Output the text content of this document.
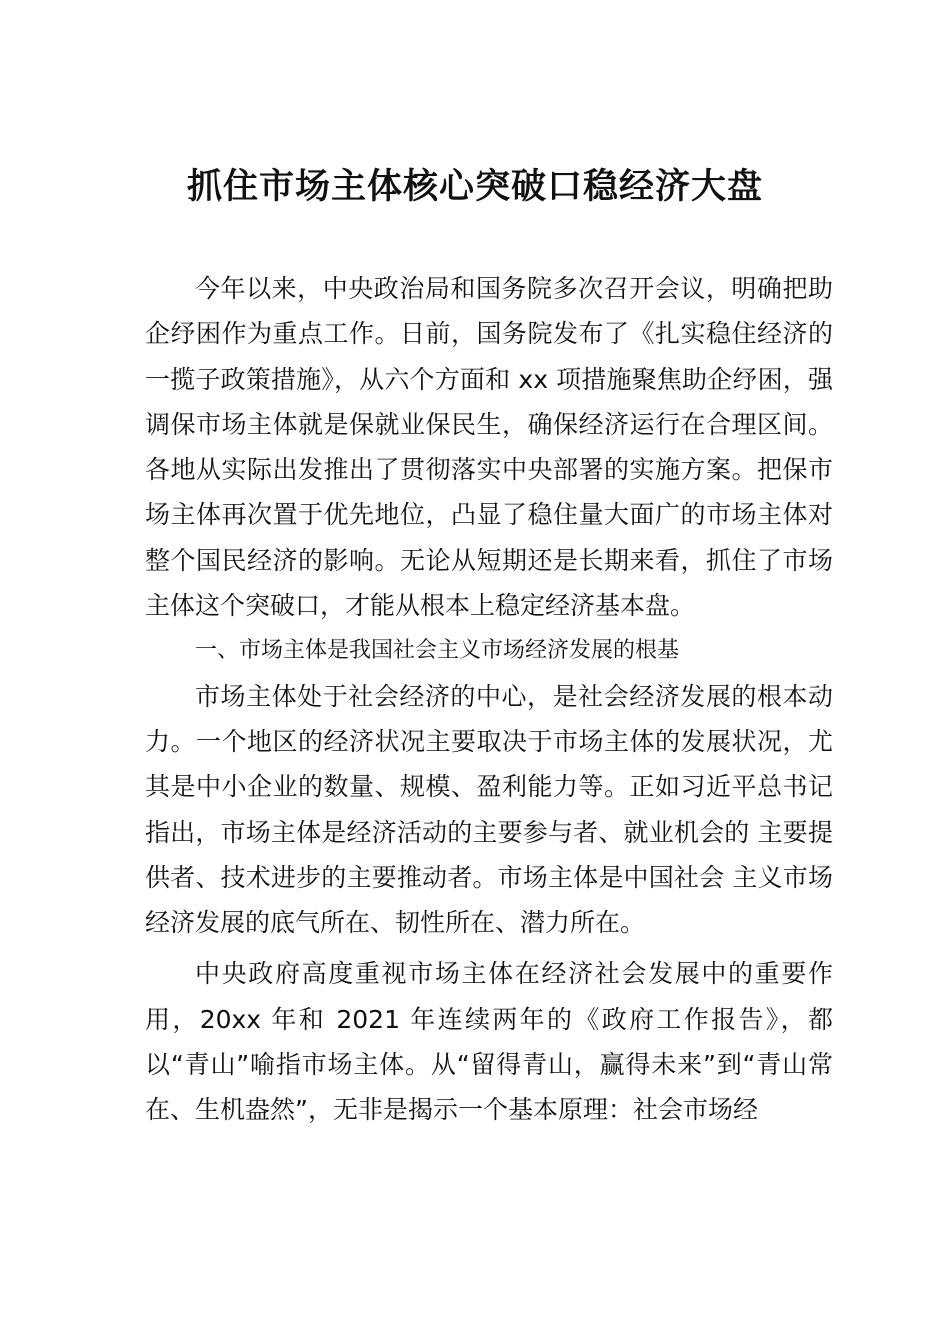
抓住市场主体核心突破口稳经济大盘

今年以来，中央政治局和国务院多次召开会议，明确把助企纾困作为重点工作。日前，国务院发布了《扎实稳住经济的一揽子政策措施》，从六个方面和 xx 项措施聚焦助企纾困，强调保市场主体就是保就业保民生，确保经济运行在合理区间。各地从实际出发推出了贯彻落实中央部署的实施方案。把保市场主体再次置于优先地位，凸显了稳住量大面广的市场主体对整个国民经济的影响。无论从短期还是长期来看，抓住了市场主体这个突破口，才能从根本上稳定经济基本盘。

一、市场主体是我国社会主义市场经济发展的根基

市场主体处于社会经济的中心，是社会经济发展的根本动力。一个地区的经济状况主要取决于市场主体的发展状况，尤其是中小企业的数量、规模、盈利能力等。正如习近平总书记指出，市场主体是经济活动的主要参与者、就业机会的 主要提供者、技术进步的主要推动者。市场主体是中国社会 主义市场经济发展的底气所在、韧性所在、潜力所在。

中央政府高度重视市场主体在经济社会发展中的重要作用，20xx 年和 2021 年连续两年的《政府工作报告》，都以“青山”喻指市场主体。从“留得青山，赢得未来”到“青山常在、生机盎然”，无非是揭示一个基本原理：社会市场经
